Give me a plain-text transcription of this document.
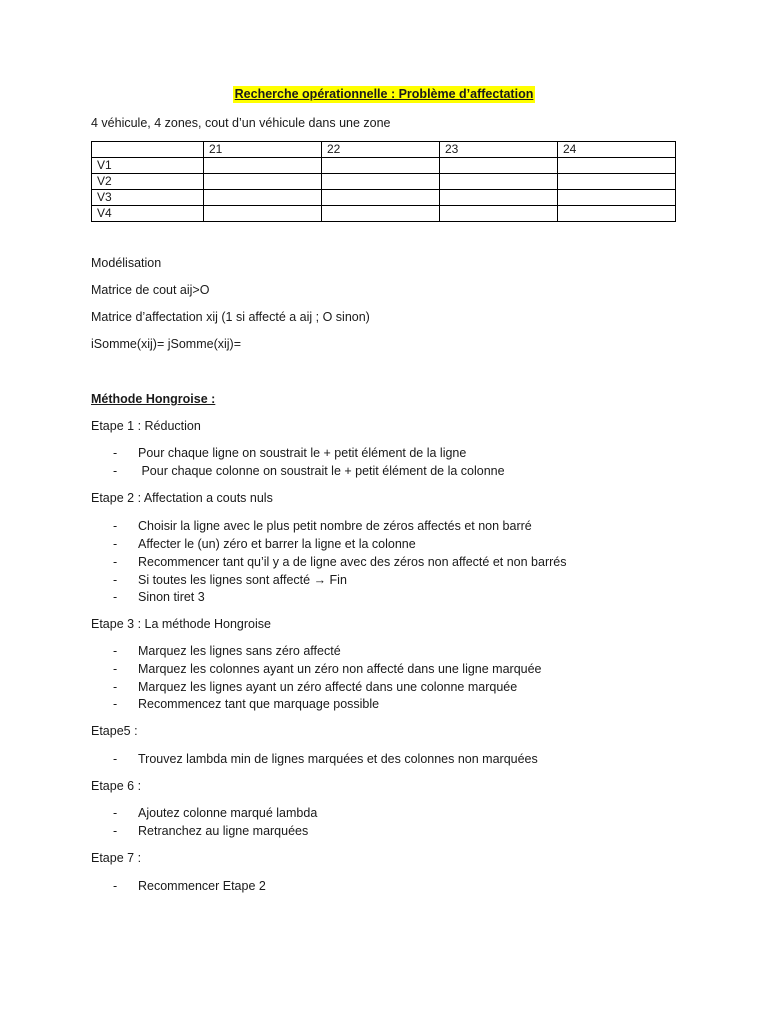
Recherche opérationnelle : Problème d’affectation
4 véhicule, 4 zones, cout d’un véhicule dans une zone
	21	22	23	24
V1				
V2				
V3				
V4				
Modélisation
Matrice de cout aij>O
Matrice d’affectation xij (1 si affecté a aij ; O sinon)
iSomme(xij)= jSomme(xij)=
Méthode Hongroise :
Etape 1 : Réduction
- Pour chaque ligne on soustrait le + petit élément de la ligne
- Pour chaque colonne on soustrait le + petit élément de la colonne
Etape 2 : Affectation a couts nuls
- Choisir la ligne avec le plus petit nombre de zéros affectés et non barré
- Affecter le (un) zéro et barrer la ligne et la colonne
- Recommencer tant qu’il y a de ligne avec des zéros non affecté et non barrés
- Si toutes les lignes sont affecté → Fin
- Sinon tiret 3
Etape 3 : La méthode Hongroise
- Marquez les lignes sans zéro affecté
- Marquez les colonnes ayant un zéro non affecté dans une ligne marquée
- Marquez les lignes ayant un zéro affecté dans une colonne marquée
- Recommencez tant que marquage possible
Etape5 :
- Trouvez lambda min de lignes marquées et des colonnes non marquées
Etape 6 :
- Ajoutez colonne marqué lambda
- Retranchez au ligne marquées
Etape 7 :
- Recommencer Etape 2
